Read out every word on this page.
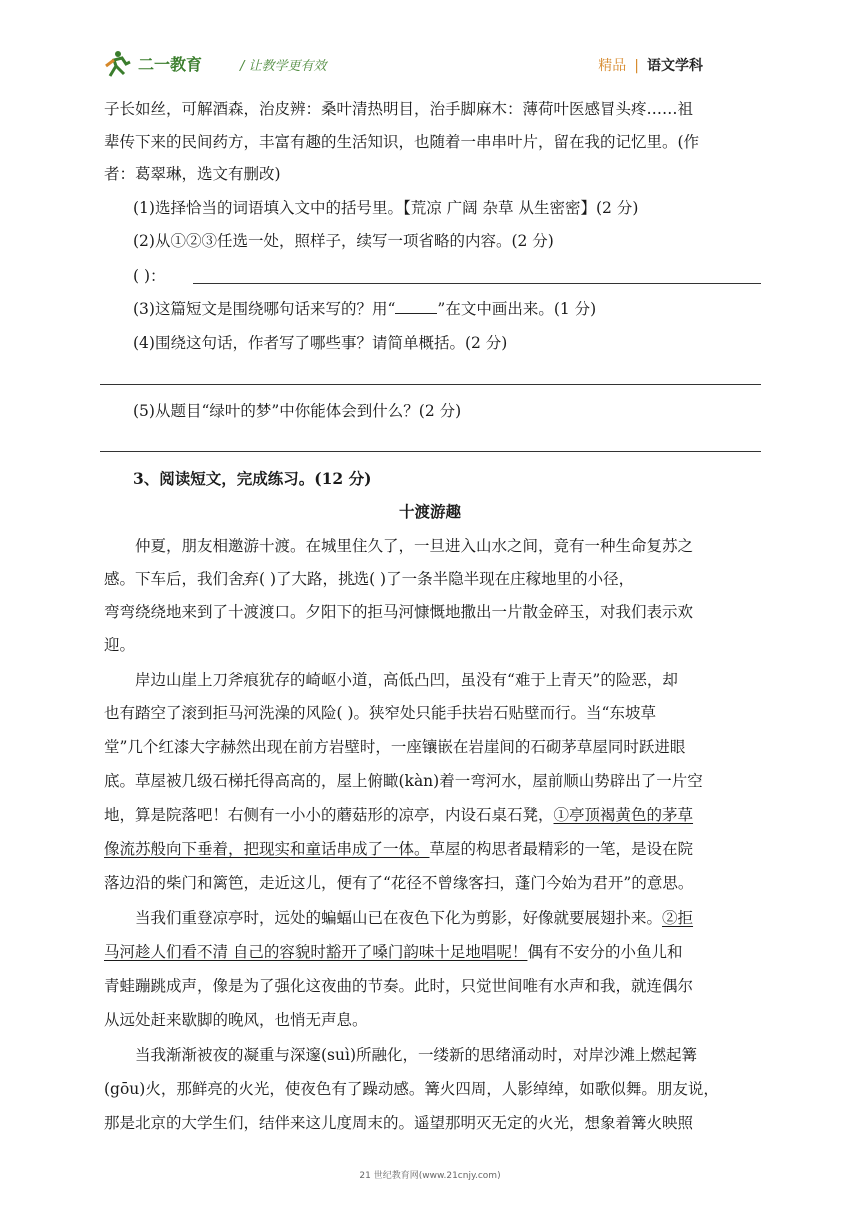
二一教育	/ 让教学更有效	精品 | 语文学科
子长如丝，可解酒森，治皮辨：桑叶清热明目，治手脚麻木：薄荷叶医感冒头疼……祖
辈传下来的民间药方，丰富有趣的生活知识，也随着一串串叶片，留在我的记忆里。(作
者：葛翠琳，选文有删改)
(1)选择恰当的词语填入文中的括号里。【荒凉 广阔 杂草 从生密密】(2 分)
(2)从①②③任选一处，照样子，续写一项省略的内容。(2 分)
( )：
(3)这篇短文是围绕哪句话来写的？用“	”在文中画出来。(1 分)
(4)围绕这句话，作者写了哪些事？请简单概括。(2 分)
(5)从题目“绿叶的梦”中你能体会到什么？(2 分)
3、阅读短文，完成练习。(12 分)
十渡游趣
仲夏，朋友相邀游十渡。在城里住久了，一旦进入山水之间，竟有一种生命复苏之
感。下车后，我们舍弃( )了大路，挑选( )了一条半隐半现在庄稼地里的小径，
弯弯绕绕地来到了十渡渡口。夕阳下的拒马河慷慨地撒出一片散金碎玉，对我们表示欢
迎。
岸边山崖上刀斧痕犹存的崎岖小道，高低凸凹，虽没有“难于上青天”的险恶，却
也有踏空了滚到拒马河洗澡的风险( )。狭窄处只能手扶岩石贴壁而行。当“东坡草
堂”几个红漆大字赫然出现在前方岩壁时，一座镶嵌在岩崖间的石砌茅草屋同时跃进眼
底。草屋被几级石梯托得高高的，屋上俯瞰(kàn)着一弯河水，屋前顺山势辟出了一片空
地，算是院落吧！右侧有一小小的蘑菇形的凉亭，内设石桌石凳，①亭顶褐黄色的茅草
像流苏般向下垂着，把现实和童话串成了一体。草屋的构思者最精彩的一笔，是设在院
落边沿的柴门和篱笆，走近这儿，便有了“花径不曾缘客扫，蓬门今始为君开”的意思。
当我们重登凉亭时，远处的蝙蝠山已在夜色下化为剪影，好像就要展翅扑来。②拒
马河趁人们看不清 自己的容貌时豁开了嗓门韵味十足地唱呢！偶有不安分的小鱼儿和
青蛙蹦跳成声，像是为了强化这夜曲的节奏。此时，只觉世间唯有水声和我，就连偶尔
从远处赶来歇脚的晚风，也悄无声息。
当我渐渐被夜的凝重与深邃(suì)所融化，一缕新的思绪涌动时，对岸沙滩上燃起篝
(gōu)火，那鲜亮的火光，使夜色有了躁动感。篝火四周，人影绰绰，如歌似舞。朋友说，
那是北京的大学生们，结伴来这儿度周末的。遥望那明灭无定的火光，想象着篝火映照
21 世纪教育网(www.21cnjy.com)
